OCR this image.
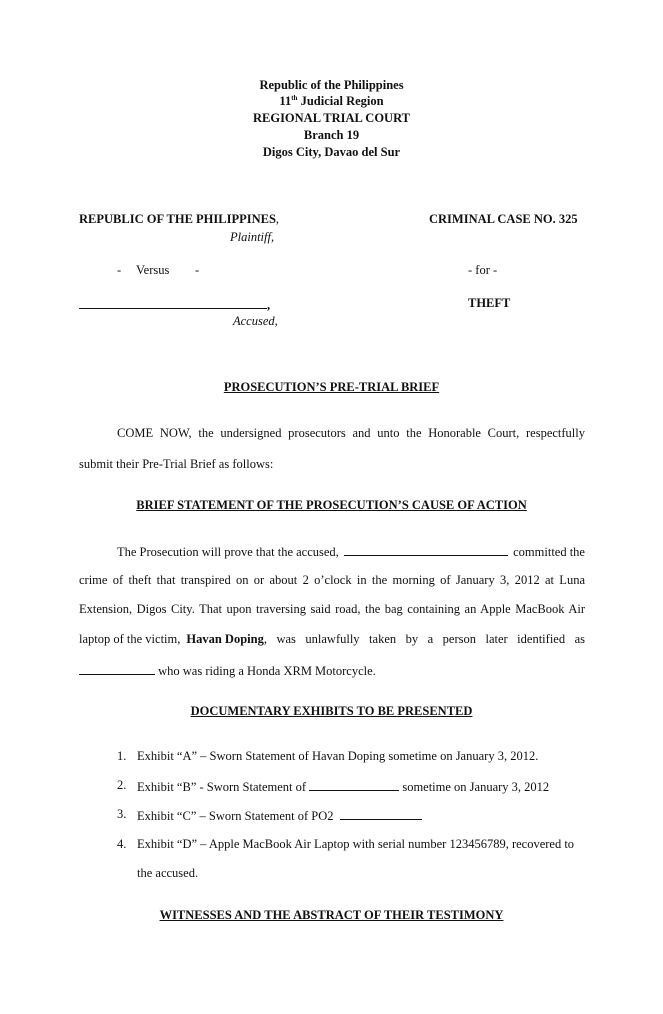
Republic of the Philippines
11th Judicial Region
REGIONAL TRIAL COURT
Branch 19
Digos City, Davao del Sur
REPUBLIC OF THE PHILIPPINES,
Plaintiff,
CRIMINAL CASE NO. 325
- Versus -	- for -
,	THEFT
Accused,
PROSECUTION’S PRE-TRIAL BRIEF
COME NOW, the undersigned prosecutors and unto the Honorable Court, respectfully
submit their Pre-Trial Brief as follows:
BRIEF STATEMENT OF THE PROSECUTION’S CAUSE OF ACTION
The Prosecution will prove that the accused,	committed the
crime of theft that transpired on or about 2 o’clock in the morning of January 3, 2012 at Luna
Extension, Digos City. That upon traversing said road, the bag containing an Apple MacBook Air
laptop of the victim, Havan Doping , was unlawfully taken by a person later identified as
who was riding a Honda XRM Motorcycle.
DOCUMENTARY EXHIBITS TO BE PRESENTED
1. Exhibit “A” – Sworn Statement of Havan Doping sometime on January 3, 2012.
2. Exhibit “B” - Sworn Statement of	sometime on January 3, 2012
3. Exhibit “C” – Sworn Statement of PO2
4. Exhibit “D” – Apple MacBook Air Laptop with serial number 123456789, recovered to
the accused.
WITNESSES AND THE ABSTRACT OF THEIR TESTIMONY
